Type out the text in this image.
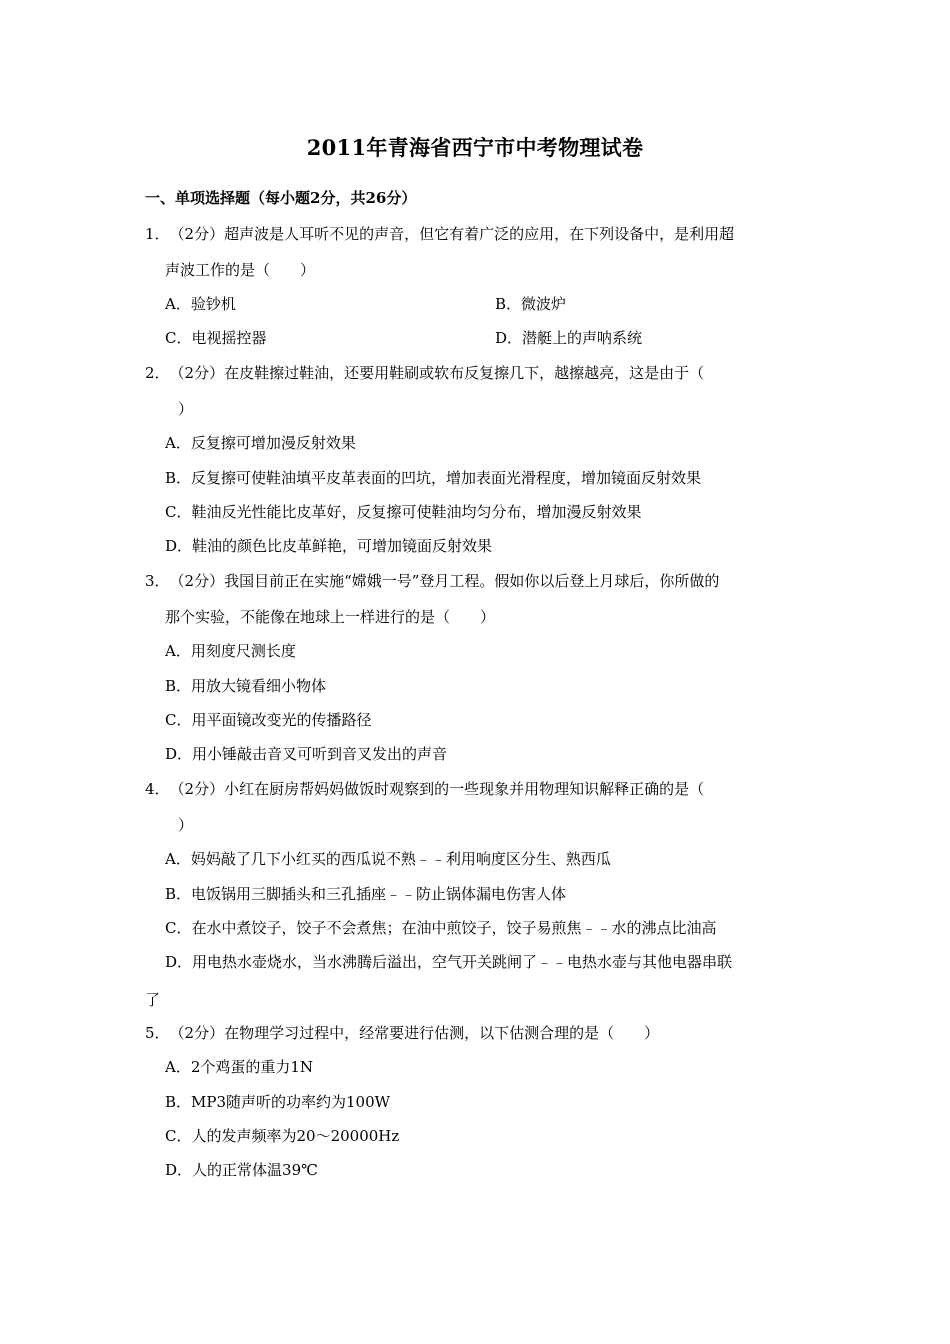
2011年青海省西宁市中考物理试卷
一、单项选择题（每小题2分，共26分）
1．（2分）超声波是人耳听不见的声音，但它有着广泛的应用，在下列设备中，是利用超
声波工作的是（　　）
A．验钞机	B．微波炉
C．电视摇控器	D．潜艇上的声呐系统
2．（2分）在皮鞋擦过鞋油，还要用鞋刷或软布反复擦几下，越擦越亮，这是由于（
）
A．反复擦可增加漫反射效果
B．反复擦可使鞋油填平皮革表面的凹坑，增加表面光滑程度，增加镜面反射效果
C．鞋油反光性能比皮革好，反复擦可使鞋油均匀分布，增加漫反射效果
D．鞋油的颜色比皮革鲜艳，可增加镜面反射效果
3．（2分）我国目前正在实施“嫦娥一号”登月工程。假如你以后登上月球后，你所做的
那个实验，不能像在地球上一样进行的是（　　）
A．用刻度尺测长度
B．用放大镜看细小物体
C．用平面镜改变光的传播路径
D．用小锤敲击音叉可听到音叉发出的声音
4．（2分）小红在厨房帮妈妈做饭时观察到的一些现象并用物理知识解释正确的是（
）
A．妈妈敲了几下小红买的西瓜说不熟﹣﹣利用响度区分生、熟西瓜
B．电饭锅用三脚插头和三孔插座﹣﹣防止锅体漏电伤害人体
C．在水中煮饺子，饺子不会煮焦；在油中煎饺子，饺子易煎焦﹣﹣水的沸点比油高
D．用电热水壶烧水，当水沸腾后溢出，空气开关跳闸了﹣﹣电热水壶与其他电器串联
了
5．（2分）在物理学习过程中，经常要进行估测，以下估测合理的是（　　）
A．2个鸡蛋的重力1N
B．MP3随声听的功率约为100W
C．人的发声频率为20～20000Hz
D．人的正常体温39℃
